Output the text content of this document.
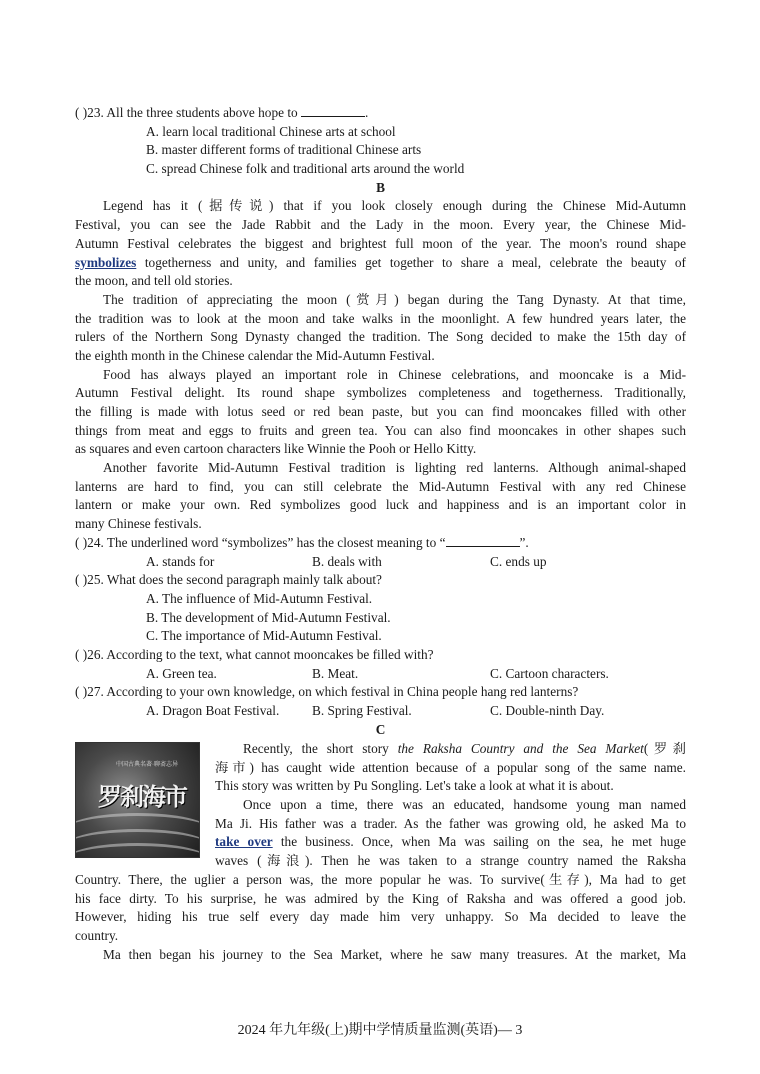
( )23. All the three students above hope to	.
A. learn local traditional Chinese arts at school
B. master different forms of traditional Chinese arts
C. spread Chinese folk and traditional arts around the world
B
Legend has it (据传说) that if you look closely enough during the Chinese Mid-Autumn
Festival, you can see the Jade Rabbit and the Lady in the moon. Every year, the Chinese Mid-
Autumn Festival celebrates the biggest and brightest full moon of the year. The moon's round shape
symbolizes togetherness and unity, and families get together to share a meal, celebrate the beauty of
the moon, and tell old stories.
The tradition of appreciating the moon (赏月) began during the Tang Dynasty. At that time,
the tradition was to look at the moon and take walks in the moonlight. A few hundred years later, the
rulers of the Northern Song Dynasty changed the tradition. The Song decided to make the 15th day of
the eighth month in the Chinese calendar the Mid-Autumn Festival.
Food has always played an important role in Chinese celebrations, and mooncake is a Mid-
Autumn Festival delight. Its round shape symbolizes completeness and togetherness. Traditionally,
the filling is made with lotus seed or red bean paste, but you can find mooncakes filled with other
things from meat and eggs to fruits and green tea. You can also find mooncakes in other shapes such
as squares and even cartoon characters like Winnie the Pooh or Hello Kitty.
Another favorite Mid-Autumn Festival tradition is lighting red lanterns. Although animal-shaped
lanterns are hard to find, you can still celebrate the Mid-Autumn Festival with any red Chinese
lantern or make your own. Red symbolizes good luck and happiness and is an important color in
many Chinese festivals.
( )24. The underlined word “symbolizes” has the closest meaning to “	”.
A. stands for	B. deals with	C. ends up
( )25. What does the second paragraph mainly talk about?
A. The influence of Mid-Autumn Festival.
B. The development of Mid-Autumn Festival.
C. The importance of Mid-Autumn Festival.
( )26. According to the text, what cannot mooncakes be filled with?
A. Green tea.	B. Meat.	C. Cartoon characters.
( )27. According to your own knowledge, on which festival in China people hang red lanterns?
A. Dragon Boat Festival. B. Spring Festival.	C. Double-ninth Day.
C
中国古典名著·聊斋志异
罗刹海市
Recently, the short story the Raksha Country and the Sea Market(罗刹
海市) has caught wide attention because of a popular song of the same name.
This story was written by Pu Songling. Let's take a look at what it is about.
Once upon a time, there was an educated, handsome young man named
Ma Ji. His father was a trader. As the father was growing old, he asked Ma to
take over the business. Once, when Ma was sailing on the sea, he met huge
waves (海浪). Then he was taken to a strange country named the Raksha
Country. There, the uglier a person was, the more popular he was. To survive(生存), Ma had to get
his face dirty. To his surprise, he was admired by the King of Raksha and was offered a good job.
However, hiding his true self every day made him very unhappy. So Ma decided to leave the
country.
Ma then began his journey to the Sea Market, where he saw many treasures. At the market, Ma
2024 年九年级(上)期中学情质量监测(英语)— 3
